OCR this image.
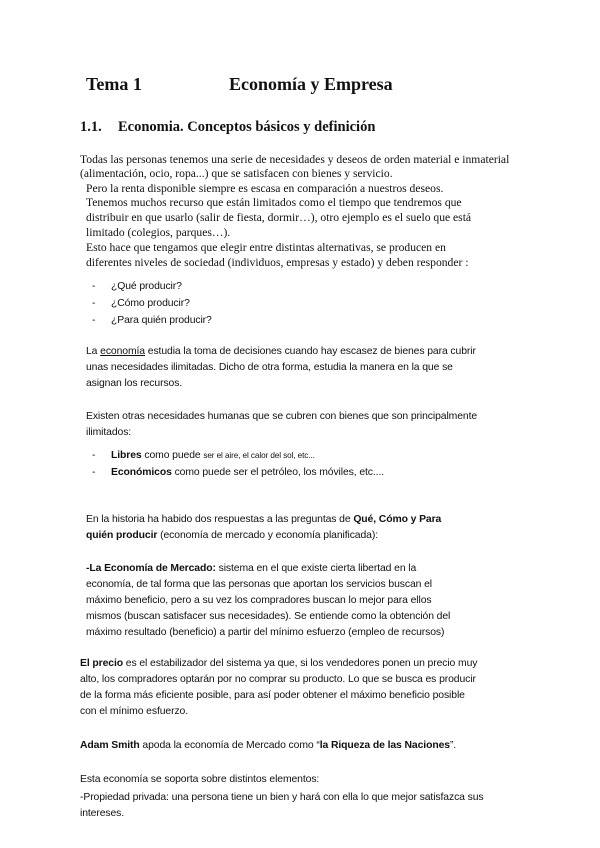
Tema 1	Economía y Empresa
1.1. Economia. Conceptos básicos y definición
Todas las personas tenemos una serie de necesidades y deseos de orden material e inmaterial
(alimentación, ocio, ropa...) que se satisfacen con bienes y servicio.
Pero la renta disponible siempre es escasa en comparación a nuestros deseos.
Tenemos muchos recurso que están limitados como el tiempo que tendremos que
distribuir en que usarlo (salir de fiesta, dormir…), otro ejemplo es el suelo que está
limitado (colegios, parques…).
Esto hace que tengamos que elegir entre distintas alternativas, se producen en
diferentes niveles de sociedad (individuos, empresas y estado) y deben responder :
- ¿Qué producir?
- ¿Cómo producir?
- ¿Para quién producir?
La economía estudia la toma de decisiones cuando hay escasez de bienes para cubrir
unas necesidades ilimitadas. Dicho de otra forma, estudia la manera en la que se
asignan los recursos.
Existen otras necesidades humanas que se cubren con bienes que son principalmente
ilimitados:
- Libres como puede ser el aire, el calor del sol, etc...
- Económicos como puede ser el petróleo, los móviles, etc....
En la historia ha habido dos respuestas a las preguntas de Qué, Cómo y Para
quién producir (economía de mercado y economía planificada):
-La Economía de Mercado: sistema en el que existe cierta libertad en la
economía, de tal forma que las personas que aportan los servicios buscan el
máximo beneficio, pero a su vez los compradores buscan lo mejor para ellos
mismos (buscan satisfacer sus necesidades). Se entiende como la obtención del
máximo resultado (beneficio) a partir del mínimo esfuerzo (empleo de recursos)
El precio es el estabilizador del sistema ya que, si los vendedores ponen un precio muy
alto, los compradores optarán por no comprar su producto. Lo que se busca es producir
de la forma más eficiente posible, para así poder obtener el máximo beneficio posible
con el mínimo esfuerzo.
Adam Smith apoda la economía de Mercado como “la Riqueza de las Naciones”.
Esta economía se soporta sobre distintos elementos:
-Propiedad privada: una persona tiene un bien y hará con ella lo que mejor satisfazca sus
intereses.
